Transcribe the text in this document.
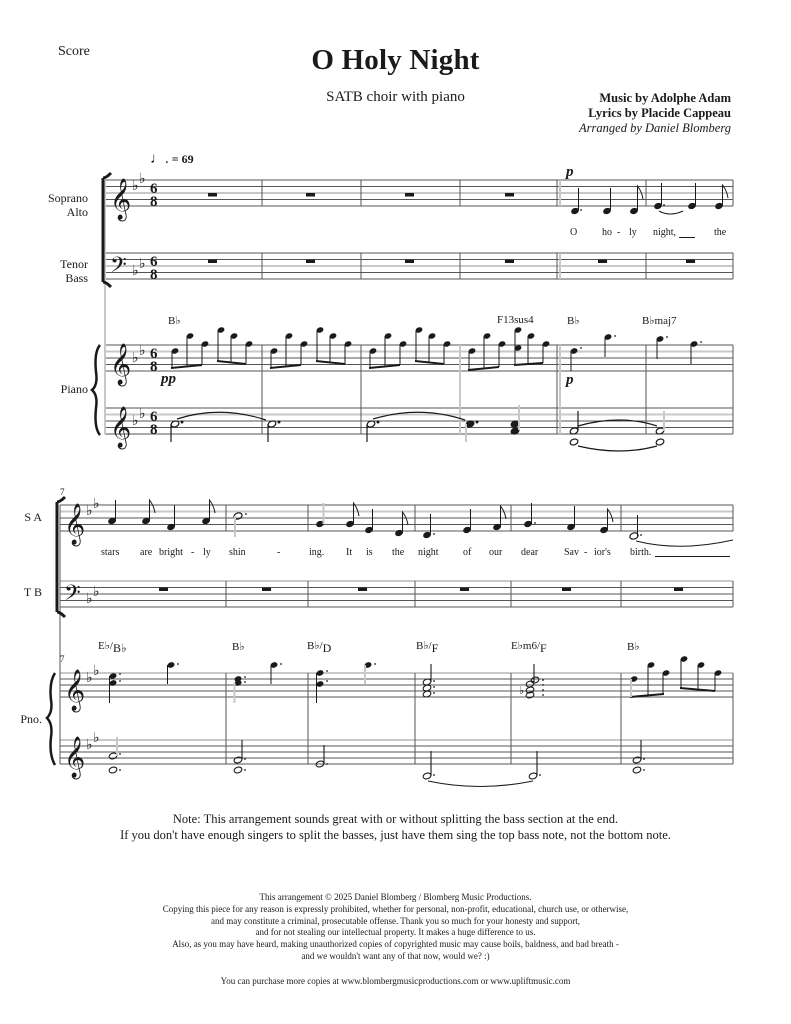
Score	O Holy Night
SATB choir with piano	Music by Adolphe Adam
Lyrics by Placide Cappeau
Arranged by Daniel Blomberg
♩. = 69
𝄞
𝄢
𝄞
𝄞
♭ ♭
♭ ♭
♭ ♭
♭ ♭
6
8
6
8
6
8
6
8
𝄞
𝄢
𝄞
𝄞
♭ ♭
♭ ♭
♭ ♭
♭ ♭
♭
Soprano
Alto
Tenor
Bass
Piano
p
pp	p
B♭	F13sus4	B♭	B♭maj7
O ho - ly night,	the
7
7
S A
T B
Pno.
E♭/B♭	B♭	B♭/D	B♭/F	E♭m6/F	B♭
stars are bright - ly shin	-	ing. It is the night of our dear	Sav - ior's birth.
Note: This arrangement sounds great with or without splitting the bass section at the end.
If you don't have enough singers to split the basses, just have them sing the top bass note, not the bottom note.
This arrangement © 2025 Daniel Blomberg / Blomberg Music Productions.
Copying this piece for any reason is expressly prohibited, whether for personal, non-profit, educational, church use, or otherwise,
and may constitute a criminal, prosecutable offense. Thank you so much for your honesty and support,
and for not stealing our intellectual property. It makes a huge difference to us.
Also, as you may have heard, making unauthorized copies of copyrighted music may cause boils, baldness, and bad breath -
and we wouldn't want any of that now, would we? :)
You can purchase more copies at www.blombergmusicproductions.com or www.upliftmusic.com
